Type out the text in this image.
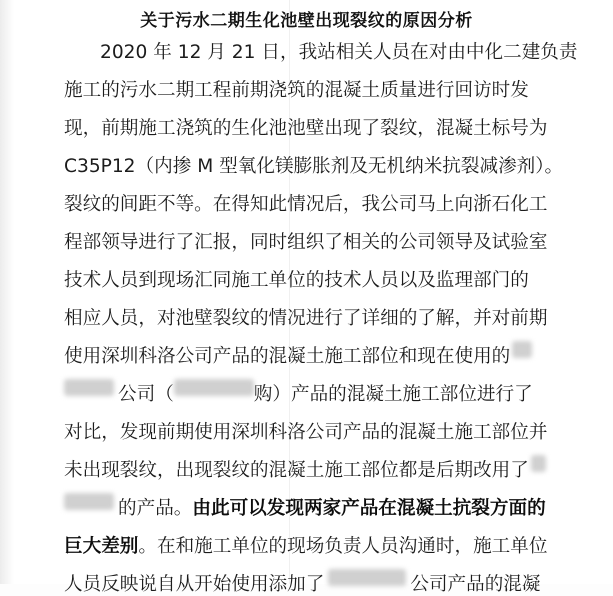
关于污水二期生化池壁出现裂纹的原因分析
2020 年 12 月 21 日，我站相关人员在对由中化二建负责
施工的污水二期工程前期浇筑的混凝土质量进行回访时发
现，前期施工浇筑的生化池池壁出现了裂纹，混凝土标号为
C35P12（内掺 M 型氧化镁膨胀剂及无机纳米抗裂减渗剂）。
裂纹的间距不等。在得知此情况后，我公司马上向浙石化工
程部领导进行了汇报，同时组织了相关的公司领导及试验室
技术人员到现场汇同施工单位的技术人员以及监理部门的
相应人员，对池壁裂纹的情况进行了详细的了解，并对前期
使用深圳科洛公司产品的混凝土施工部位和现在使用的
公司（	购）产品的混凝土施工部位进行了
对比，发现前期使用深圳科洛公司产品的混凝土施工部位并
未出现裂纹，出现裂纹的混凝土施工部位都是后期改用了
的产品。 由此可以发现两家产品在混凝土抗裂方面的
巨大差别 。在和施工单位的现场负责人员沟通时，施工单位
人员反映说自从开始使用添加了	公司产品的混凝
